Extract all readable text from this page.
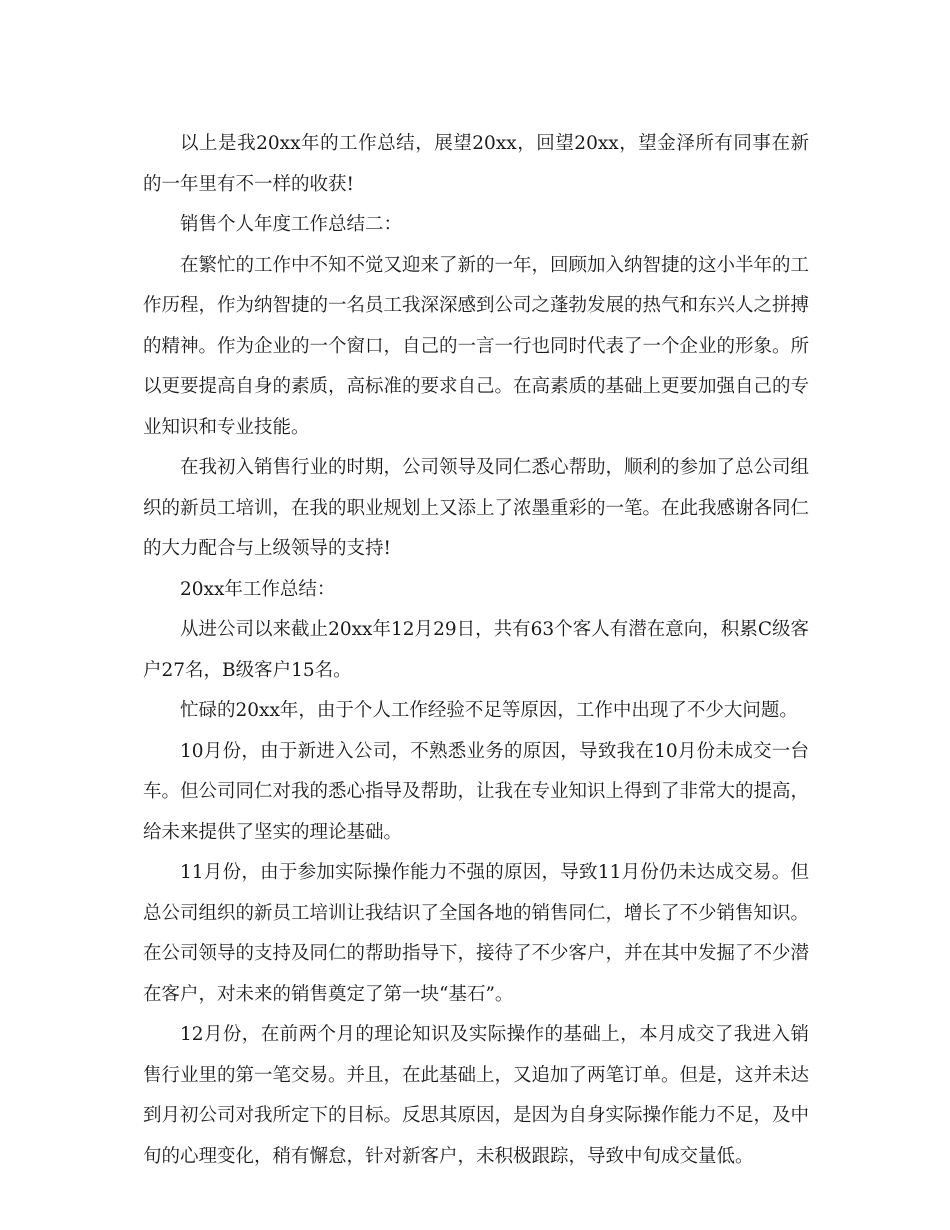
以上是我20xx年的工作总结，展望20xx，回望20xx，望金泽所有同事在新的一年里有不一样的收获!

销售个人年度工作总结二：

在繁忙的工作中不知不觉又迎来了新的一年，回顾加入纳智捷的这小半年的工作历程，作为纳智捷的一名员工我深深感到公司之蓬勃发展的热气和东兴人之拼搏的精神。作为企业的一个窗口，自己的一言一行也同时代表了一个企业的形象。所以更要提高自身的素质，高标准的要求自己。在高素质的基础上更要加强自己的专业知识和专业技能。

在我初入销售行业的时期，公司领导及同仁悉心帮助，顺利的参加了总公司组织的新员工培训，在我的职业规划上又添上了浓墨重彩的一笔。在此我感谢各同仁的大力配合与上级领导的支持!

20xx年工作总结：

从进公司以来截止20xx年12月29日，共有63个客人有潜在意向，积累C级客户27名，B级客户15名。

忙碌的20xx年，由于个人工作经验不足等原因，工作中出现了不少大问题。

10月份，由于新进入公司，不熟悉业务的原因，导致我在10月份未成交一台车。但公司同仁对我的悉心指导及帮助，让我在专业知识上得到了非常大的提高，给未来提供了坚实的理论基础。

11月份，由于参加实际操作能力不强的原因，导致11月份仍未达成交易。但总公司组织的新员工培训让我结识了全国各地的销售同仁，增长了不少销售知识。在公司领导的支持及同仁的帮助指导下，接待了不少客户，并在其中发掘了不少潜在客户，对未来的销售奠定了第一块“基石”。

12月份，在前两个月的理论知识及实际操作的基础上，本月成交了我进入销售行业里的第一笔交易。并且，在此基础上，又追加了两笔订单。但是，这并未达到月初公司对我所定下的目标。反思其原因，是因为自身实际操作能力不足，及中旬的心理变化，稍有懈怠，针对新客户，未积极跟踪，导致中旬成交量低。
